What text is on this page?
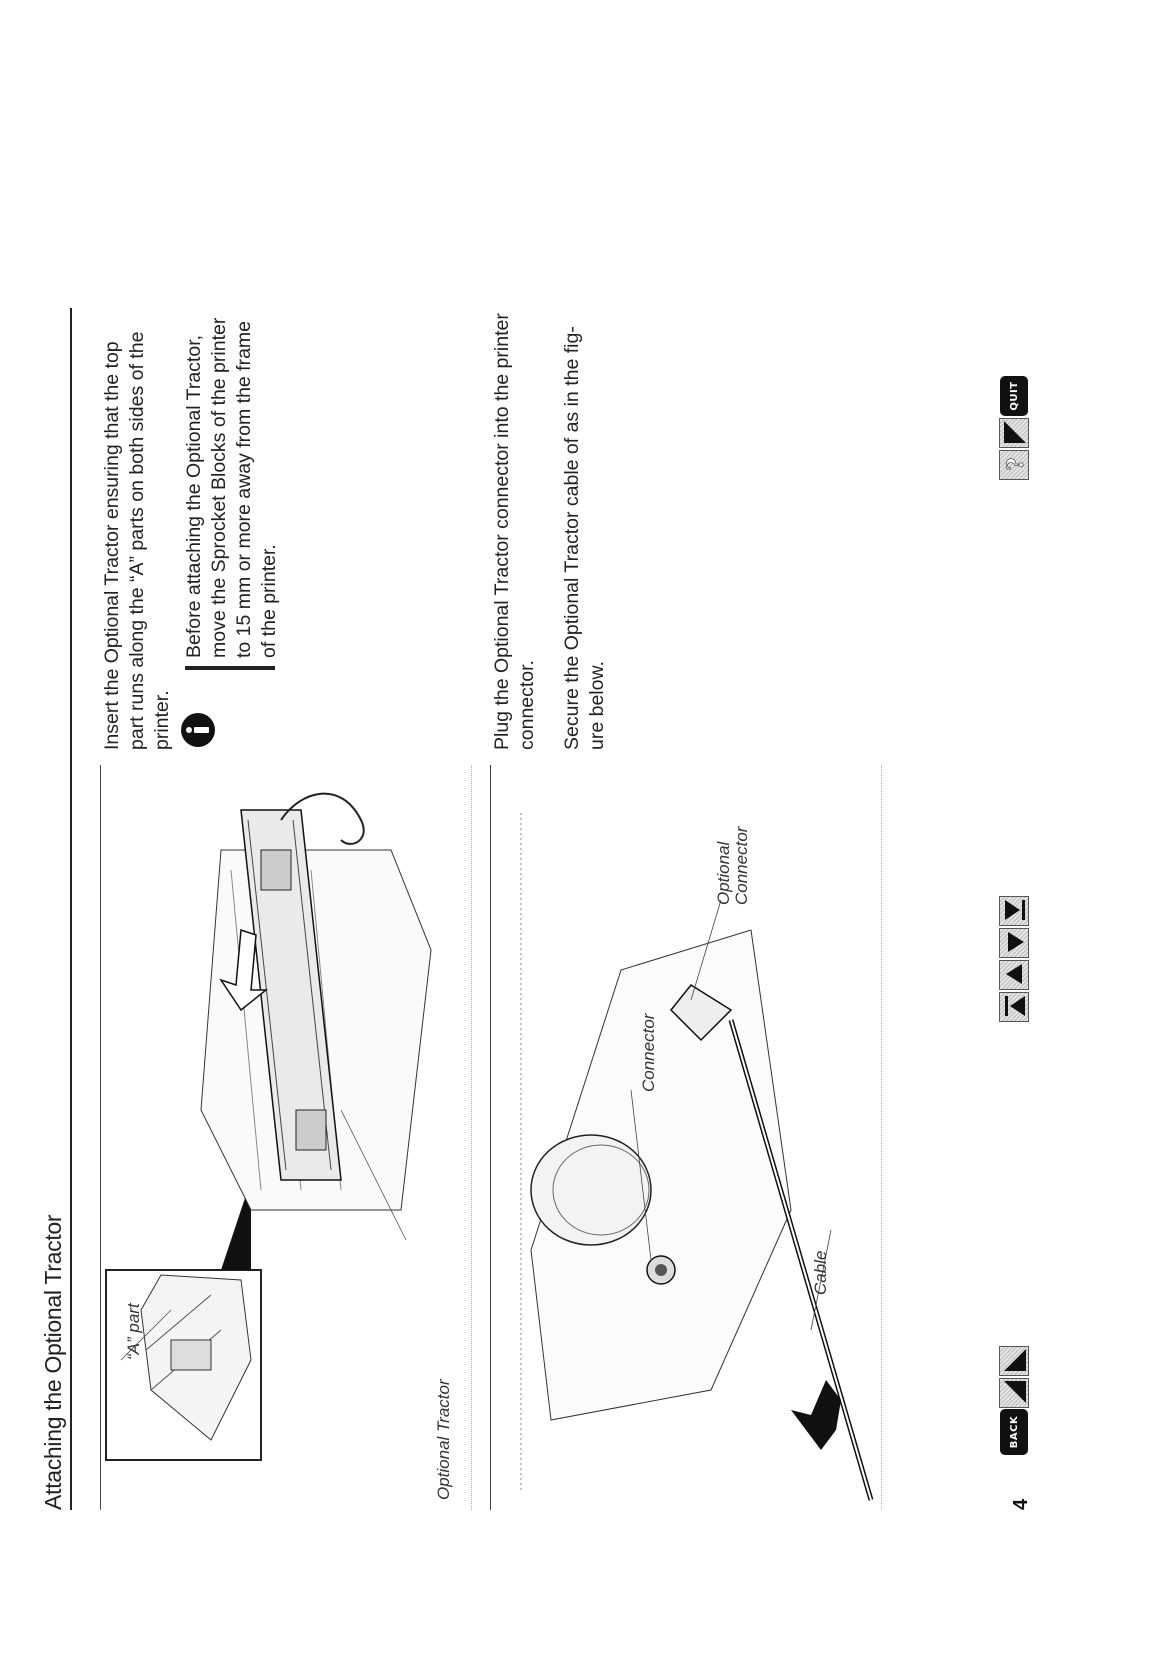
Attaching the Optional Tractor	“A” part
Optional Tractor
Connector
Optional Connector
Cable
Insert the Optional Tractor ensuring that the top part runs along the “A” parts on both sides of the printer.
Before attaching the Optional Tractor, move the Sprocket Blocks of the printer to 15 mm or more away from the frame of the printer.	Plug the Optional Tractor connector into the printer connector. Secure the Optional Tractor cable of as in the fig-ure below.
4
BACK
?
QUIT
